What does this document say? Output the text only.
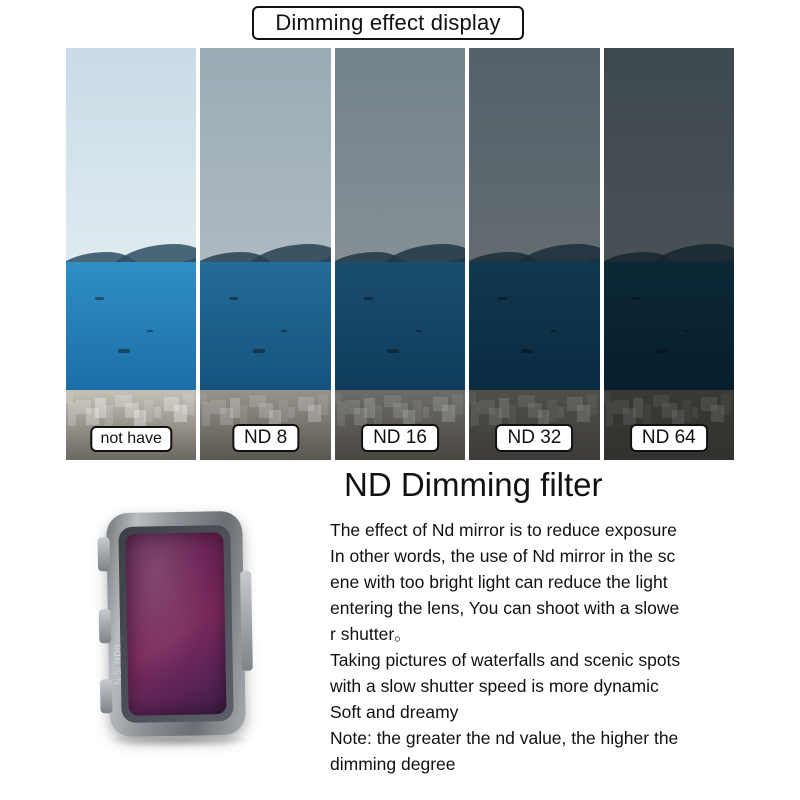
Dimming effect display
not have	ND 8	ND 16	ND 32	ND 64
NiSi ND8
ND Dimming filter

The effect of Nd mirror is to reduce exposure

In other words, the use of Nd mirror in the sc

ene with too bright light can reduce the light

entering the lens, You can shoot with a slowe

r shutter。

Taking pictures of waterfalls and scenic spots

with a slow shutter speed is more dynamic

Soft and dreamy

Note: the greater the nd value, the higher the

dimming degree
